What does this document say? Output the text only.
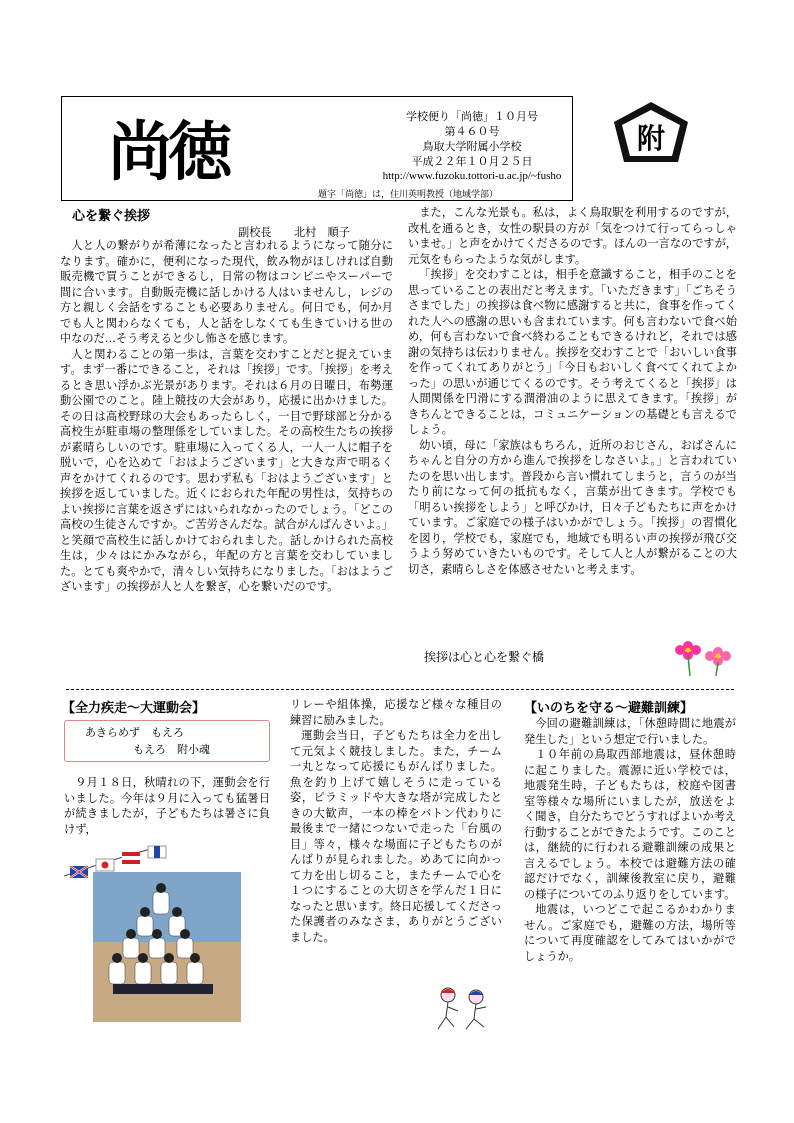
学校便り「尚徳」１０月号
第４６０号
鳥取大学附属小学校
平成２２年１０月２５日
http://www.fuzoku.tottori-u.ac.jp/~fusho
題字「尚徳」は，住川英明教授（地域学部）
尚徳	附
心を繋ぐ挨拶
副校長　　北村　順子

人と人の繋がりが希薄になったと言われるようになって随分になります。確かに，便利になった現代，飲み物がほしければ自動販売機で買うことができるし，日常の物はコンビニやスーパーで間に合います。自動販売機に話しかける人はいませんし，レジの方と親しく会話をすることも必要ありません。何日でも，何か月でも人と関わらなくても，人と話をしなくても生きていける世の中なのだ…そう考えると少し怖さを感じます。

人と関わることの第一歩は，言葉を交わすことだと捉えています。まず一番にできること，それは「挨拶」です。「挨拶」を考えるとき思い浮かぶ光景があります。それは６月の日曜日，布勢運動公園でのこと。陸上競技の大会があり，応援に出かけました。その日は高校野球の大会もあったらしく，一目で野球部と分かる高校生が駐車場の整理係をしていました。その高校生たちの挨拶が素晴らしいのです。駐車場に入ってくる人，一人一人に帽子を脱いで，心を込めて「おはようございます」と大きな声で明るく声をかけてくれるのです。思わず私も「おはようございます」と挨拶を返していました。近くにおられた年配の男性は，気持ちのよい挨拶に言葉を返さずにはいられなかったのでしょう。「どこの高校の生徒さんですか。ご苦労さんだな。試合がんばんさいよ。」と笑顔で高校生に話しかけておられました。話しかけられた高校生は，少々はにかみながら，年配の方と言葉を交わしていました。とても爽やかで，清々しい気持ちになりました。「おはようございます」の挨拶が人と人を繋ぎ，心を繋いだのです。

また，こんな光景も。私は，よく鳥取駅を利用するのですが，改札を通るとき，女性の駅員の方が「気をつけて行ってらっしゃいませ。」と声をかけてくださるのです。ほんの一言なのですが，元気をもらったような気がします。

「挨拶」を交わすことは，相手を意識すること，相手のことを思っていることの表出だと考えます。「いただきます」「ごちそうさまでした」の挨拶は食べ物に感謝すると共に，食事を作ってくれた人への感謝の思いも含まれています。何も言わないで食べ始め，何も言わないで食べ終わることもできるけれど，それでは感謝の気持ちは伝わりません。挨拶を交わすことで「おいしい食事を作ってくれてありがとう」「今日もおいしく食べてくれてよかった」の思いが通じてくるのです。そう考えてくると「挨拶」は人間関係を円滑にする潤滑油のように思えてきます。「挨拶」がきちんとできることは，コミュニケーションの基礎とも言えるでしょう。

幼い頃，母に「家族はもちろん，近所のおじさん，おばさんにちゃんと自分の方から進んで挨拶をしなさいよ。」と言われていたのを思い出します。普段から言い慣れてしまうと，言うのが当たり前になって何の抵抗もなく，言葉が出てきます。学校でも「明るい挨拶をしよう」と呼びかけ，日々子どもたちに声をかけています。ご家庭での様子はいかがでしょう。「挨拶」の習慣化を図り，学校でも，家庭でも，地域でも明るい声の挨拶が飛び交うよう努めていきたいものです。そして人と人が繋がることの大切さ，素晴らしさを体感させたいと考えます。

挨拶は心と心を繋ぐ橋
【全力疾走～大運動会】
あきらめず　もえろ
もえろ　附小魂

９月１８日，秋晴れの下，運動会を行いました。今年は９月に入っても猛暑日が続きましたが，子どもたちは暑さに負けず，

リレーや組体操，応援など様々な種目の練習に励みました。

運動会当日，子どもたちは全力を出して元気よく競技しました。また，チーム一丸となって応援にもがんばりました。魚を釣り上げて嬉しそうに走っている姿，ピラミッドや大きな塔が完成したときの大歓声，一本の棒をバトン代わりに最後まで一緒につないで走った「台風の目」等々，様々な場面に子どもたちのがんばりが見られました。めあてに向かって力を出し切ること，またチームで心を１つにすることの大切さを学んだ１日になったと思います。終日応援してくださった保護者のみなさま，ありがとうございました。

【いのちを守る～避難訓練】

今回の避難訓練は，「休憩時間に地震が発生した」という想定で行いました。

１０年前の鳥取西部地震は，昼休憩時に起こりました。震源に近い学校では，地震発生時，子どもたちは，校庭や図書室等様々な場所にいましたが，放送をよく聞き，自分たちでどうすればよいか考え行動することができたようです。このことは，継続的に行われる避難訓練の成果と言えるでしょう。本校では避難方法の確認だけでなく，訓練後教室に戻り，避難の様子についてのふり返りをしています。

地震は，いつどこで起こるかわかりません。ご家庭でも，避難の方法，場所等について再度確認をしてみてはいかがでしょうか。
